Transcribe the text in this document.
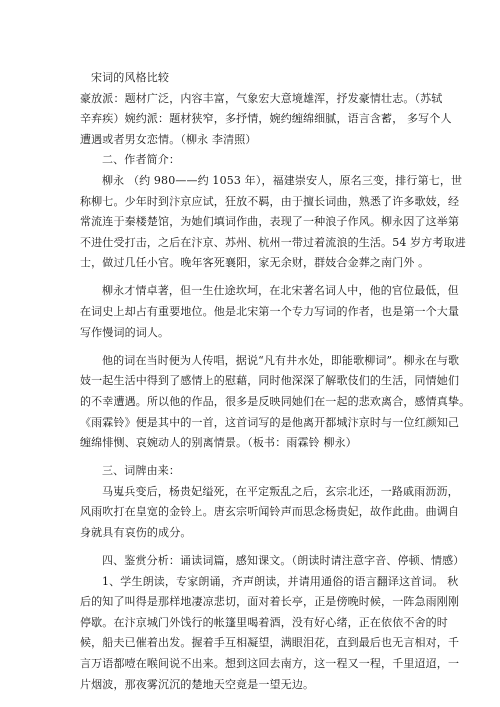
宋词的风格比较
豪放派：题材广泛，内容丰富，气象宏大意境雄浑，抒发豪情壮志。（苏轼
辛弃疾）婉约派：题材狭窄，多抒情，婉约缠绵细腻，语言含蓄， 多写个人
遭遇或者男女恋情。（柳永 李清照）
二、作者简介：
柳永 （约 980——约 1053 年），福建崇安人，原名三变，排行第七，世
称柳七。少年时到汴京应试，狂放不羁，由于擅长词曲，熟悉了许多歌妓，经
常流连于秦楼楚馆，为她们填词作曲，表现了一种浪子作风。柳永因了这举第
不进仕受打击，之后在汴京、苏州、杭州一带过着流浪的生活。54 岁方考取进
士，做过几任小官。晚年客死襄阳，家无余财，群妓合金葬之南门外 。
柳永才情卓著，但一生仕途坎坷，在北宋著名词人中，他的官位最低，但
在词史上却占有重要地位。他是北宋第一个专力写词的作者，也是第一个大量
写作慢词的词人。
他的词在当时便为人传唱，据说“凡有井水处，即能歌柳词”。柳永在与歌
妓一起生活中得到了感情上的慰藉，同时他深深了解歌伎们的生活，同情她们
的不幸遭遇。所以他的作品，很多是反映同她们在一起的悲欢离合，感情真挚。
《雨霖铃》便是其中的一首，这首词写的是他离开都城汴京时与一位红颜知己
缠绵悱恻、哀婉动人的别离情景。（板书：雨霖铃 柳永）
三、词牌由来：
马嵬兵变后，杨贵妃缢死，在平定叛乱之后，玄宗北还，一路戚雨沥沥，
风雨吹打在皇宽的金铃上。唐玄宗听闻铃声而思念杨贵妃，故作此曲。曲调自
身就具有哀伤的成分。
四、鉴赏分析：诵读词篇，感知课文。（朗读时请注意字音、停顿、情感）
1、学生朗读，专家朗诵，齐声朗读，并请用通俗的语言翻译这首词。 秋
后的知了叫得是那样地凄凉悲切，面对着长亭，正是傍晚时候，一阵急雨刚刚
停歇。在汴京城门外饯行的帐篷里喝着酒，没有好心绪，正在依依不舍的时
候，船夫已催着出发。握着手互相凝望，满眼泪花，直到最后也无言相对，千
言万语都噎在喉间说不出来。想到这回去南方，这一程又一程，千里迢迢，一
片烟波，那夜雾沉沉的楚地天空竟是一望无边。
